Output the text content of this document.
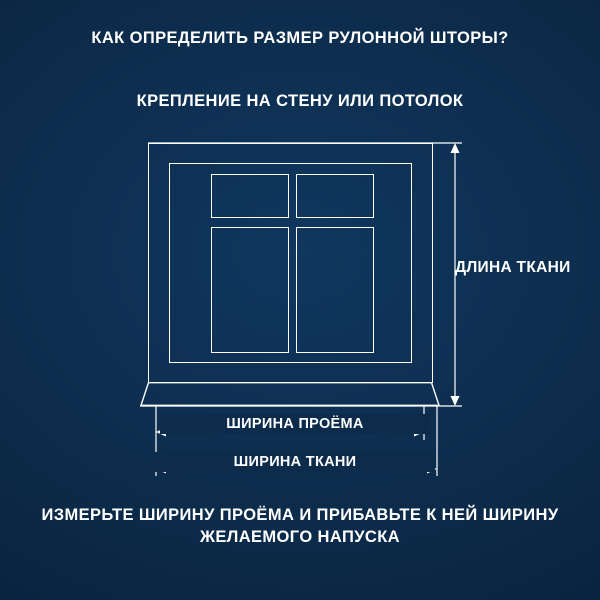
КАК ОПРЕДЕЛИТЬ РАЗМЕР РУЛОННОЙ ШТОРЫ?
КРЕПЛЕНИЕ НА СТЕНУ ИЛИ ПОТОЛОК
ДЛИНА ТКАНИ
ШИРИНА ПРОЁМА
ШИРИНА ТКАНИ
ИЗМЕРЬТЕ ШИРИНУ ПРОЁМА И ПРИБАВЬТЕ К НЕЙ ШИРИНУ ЖЕЛАЕМОГО НАПУСКА
